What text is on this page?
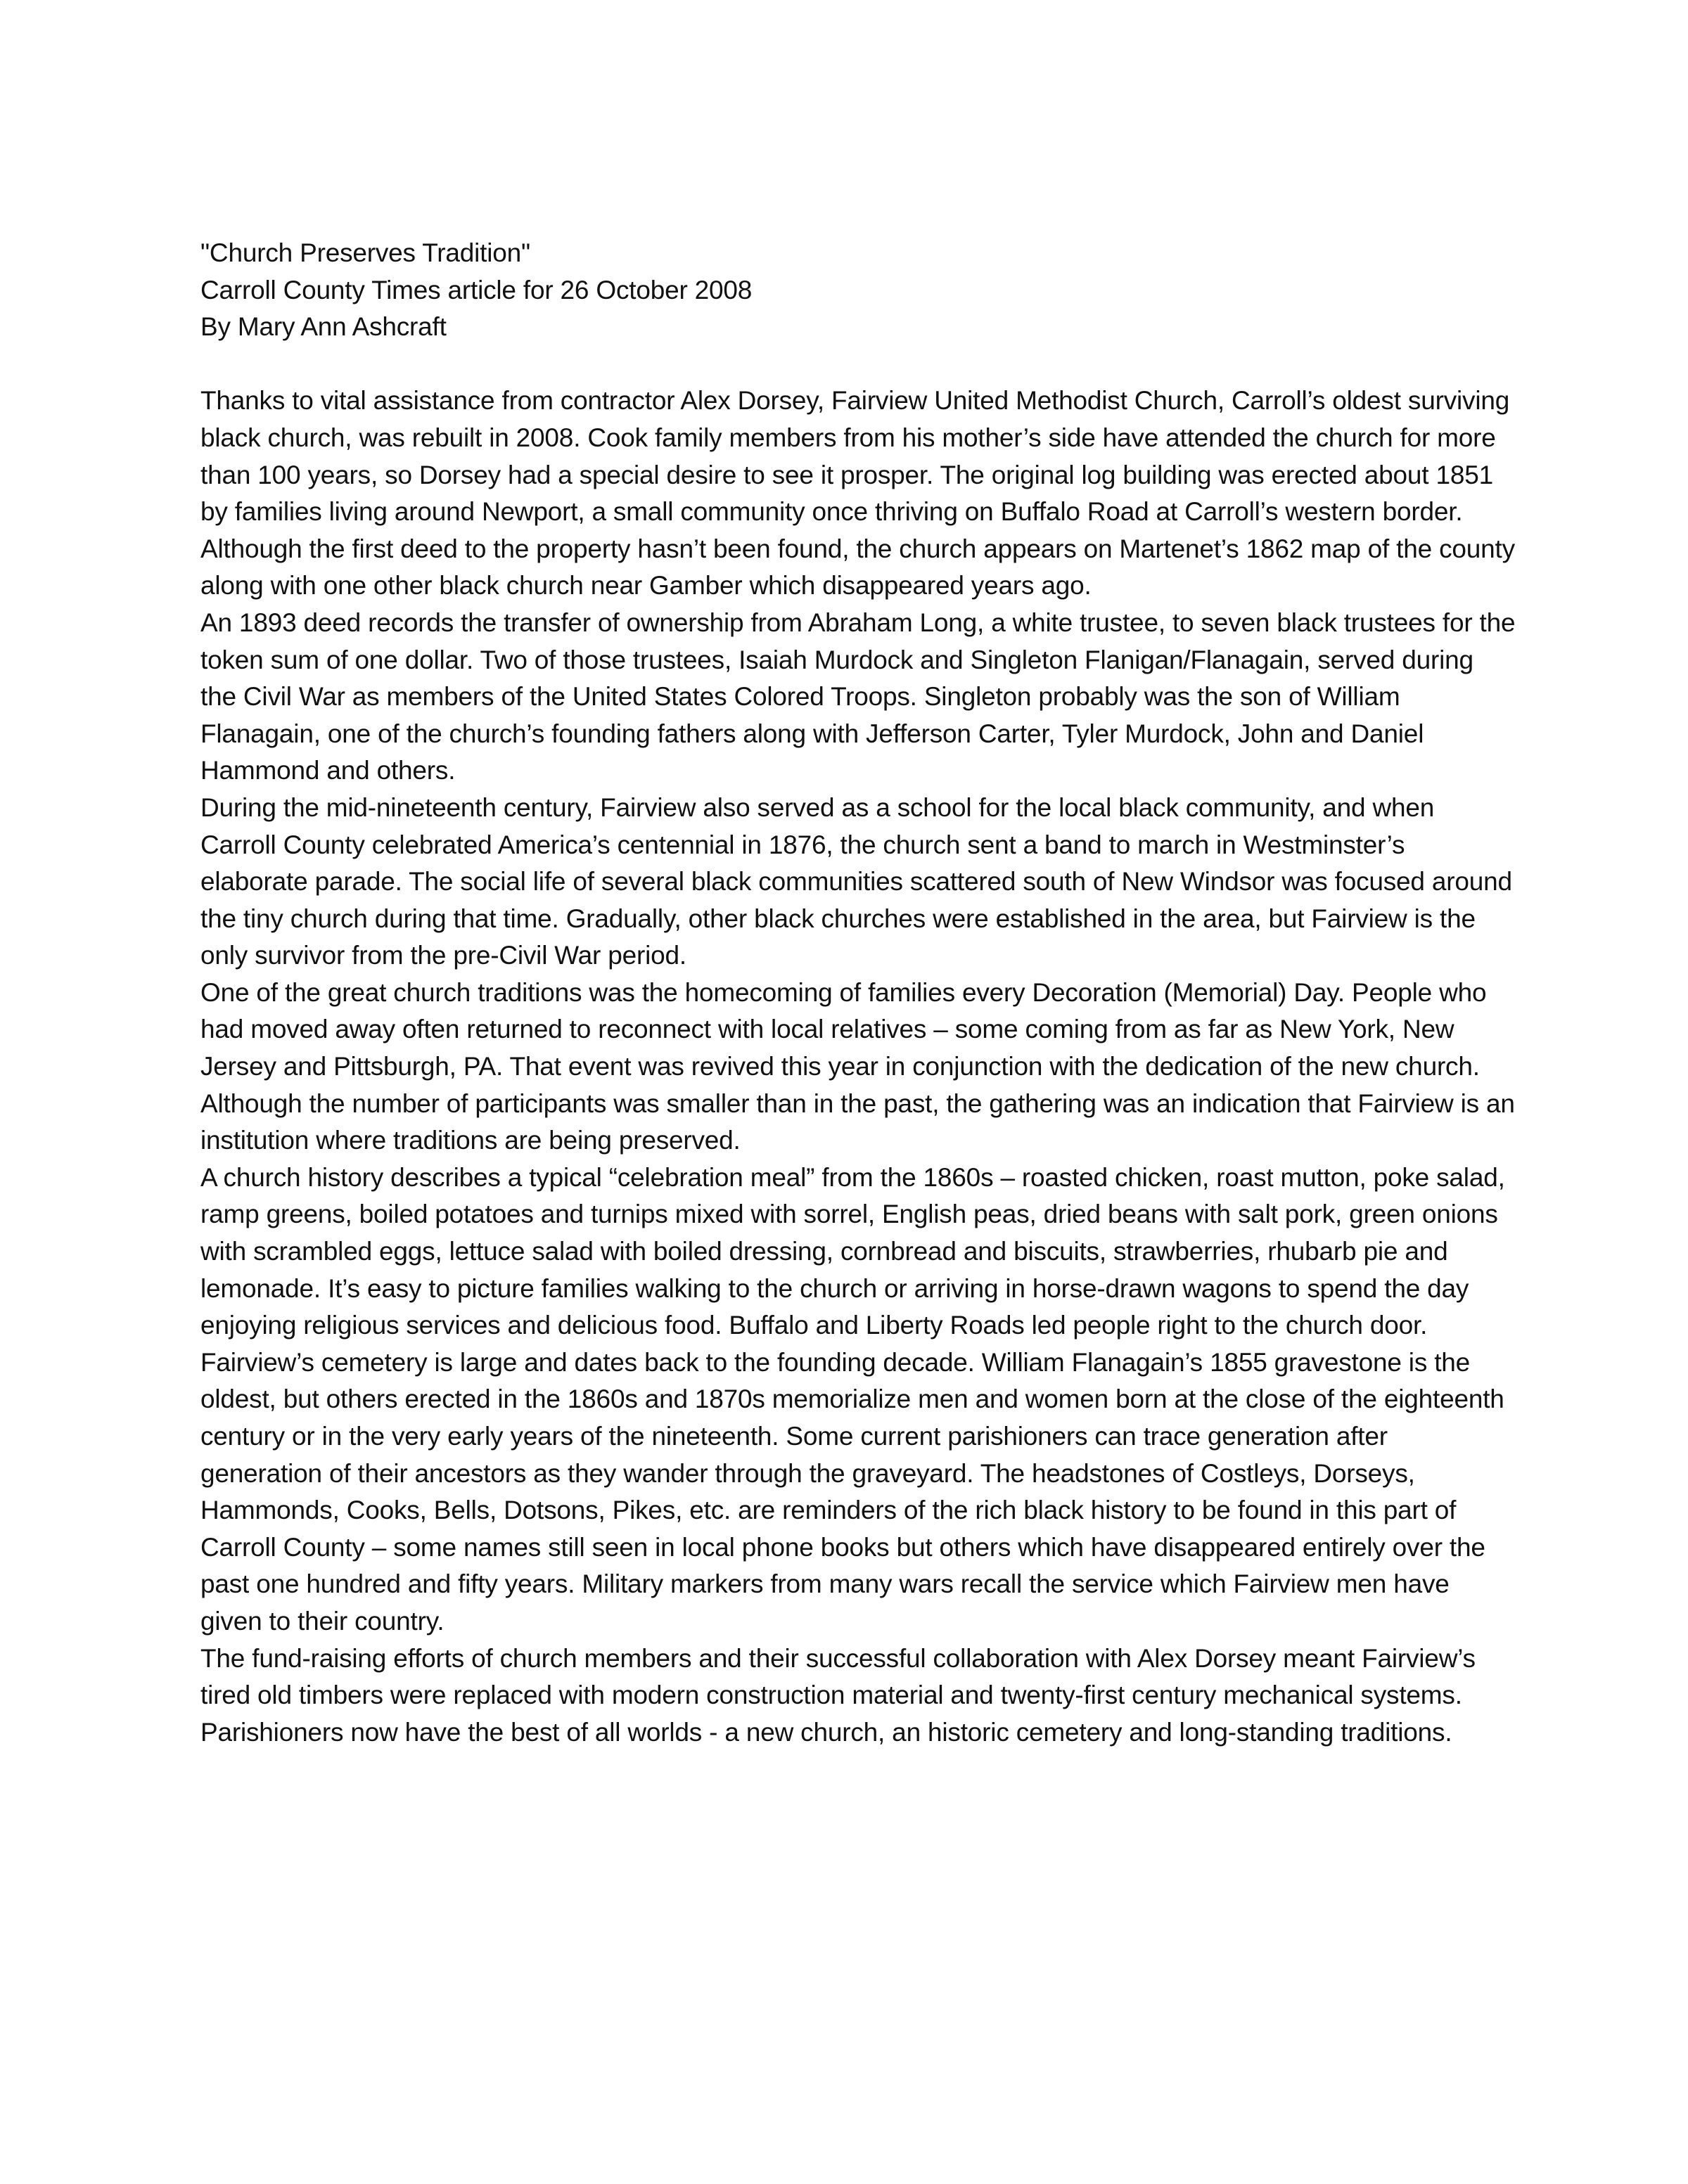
"Church Preserves Tradition"

Carroll County Times article for 26 October 2008

By Mary Ann Ashcraft

Thanks to vital assistance from contractor Alex Dorsey, Fairview United Methodist Church, Carroll’s oldest surviving black church, was rebuilt in 2008. Cook family members from his mother’s side have attended the church for more than 100 years, so Dorsey had a special desire to see it prosper. The original log building was erected about 1851 by families living around Newport, a small community once thriving on Buffalo Road at Carroll’s western border. Although the first deed to the property hasn’t been found, the church appears on Martenet’s 1862 map of the county along with one other black church near Gamber which disappeared years ago.

An 1893 deed records the transfer of ownership from Abraham Long, a white trustee, to seven black trustees for the token sum of one dollar. Two of those trustees, Isaiah Murdock and Singleton Flanigan/Flanagain, served during the Civil War as members of the United States Colored Troops. Singleton probably was the son of William Flanagain, one of the church’s founding fathers along with Jefferson Carter, Tyler Murdock, John and Daniel Hammond and others.

During the mid-nineteenth century, Fairview also served as a school for the local black community, and when Carroll County celebrated America’s centennial in 1876, the church sent a band to march in Westminster’s elaborate parade. The social life of several black communities scattered south of New Windsor was focused around the tiny church during that time. Gradually, other black churches were established in the area, but Fairview is the only survivor from the pre-Civil War period.

One of the great church traditions was the homecoming of families every Decoration (Memorial) Day. People who had moved away often returned to reconnect with local relatives – some coming from as far as New York, New Jersey and Pittsburgh, PA. That event was revived this year in conjunction with the dedication of the new church. Although the number of participants was smaller than in the past, the gathering was an indication that Fairview is an institution where traditions are being preserved.

A church history describes a typical “celebration meal” from the 1860s – roasted chicken, roast mutton, poke salad, ramp greens, boiled potatoes and turnips mixed with sorrel, English peas, dried beans with salt pork, green onions with scrambled eggs, lettuce salad with boiled dressing, cornbread and biscuits, strawberries, rhubarb pie and lemonade. It’s easy to picture families walking to the church or arriving in horse-drawn wagons to spend the day enjoying religious services and delicious food. Buffalo and Liberty Roads led people right to the church door.

Fairview’s cemetery is large and dates back to the founding decade. William Flanagain’s 1855 gravestone is the oldest, but others erected in the 1860s and 1870s memorialize men and women born at the close of the eighteenth century or in the very early years of the nineteenth. Some current parishioners can trace generation after generation of their ancestors as they wander through the graveyard. The headstones of Costleys, Dorseys, Hammonds, Cooks, Bells, Dotsons, Pikes, etc. are reminders of the rich black history to be found in this part of Carroll County – some names still seen in local phone books but others which have disappeared entirely over the past one hundred and fifty years. Military markers from many wars recall the service which Fairview men have given to their country.

The fund-raising efforts of church members and their successful collaboration with Alex Dorsey meant Fairview’s tired old timbers were replaced with modern construction material and twenty-first century mechanical systems. Parishioners now have the best of all worlds - a new church, an historic cemetery and long-standing traditions.
